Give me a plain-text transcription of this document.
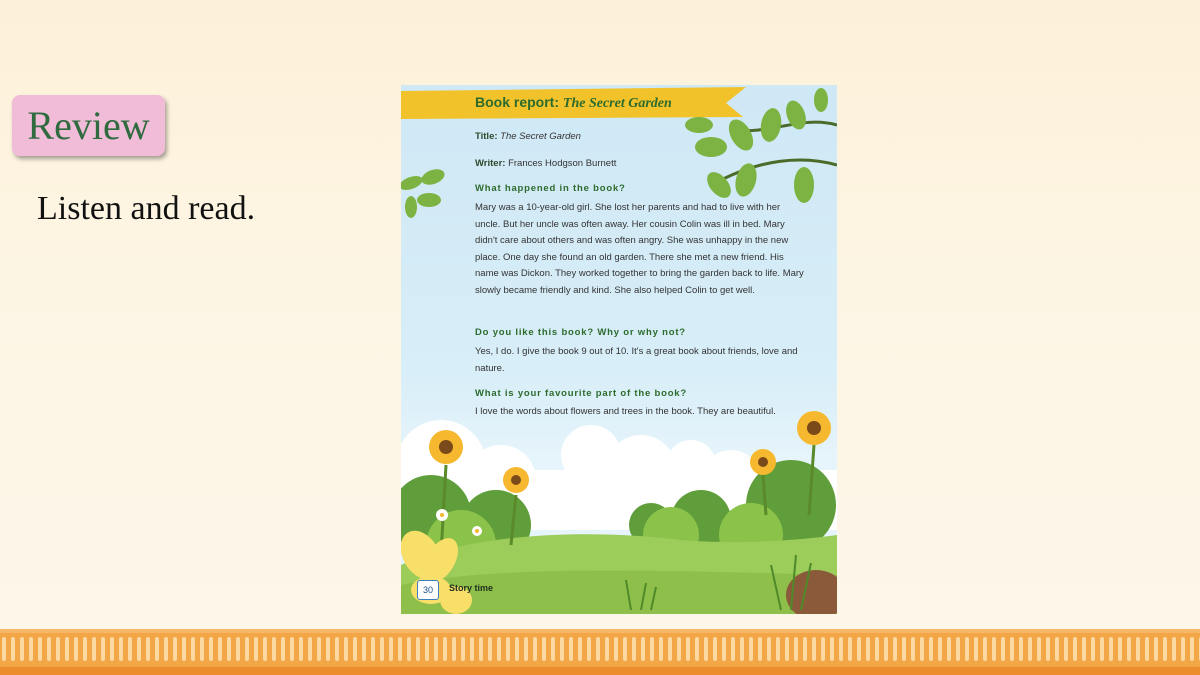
Review
Listen and read.
Book report: The Secret Garden
Title: The Secret Garden
Writer: Frances Hodgson Burnett
What happened in the book?
Mary was a 10-year-old girl. She lost her parents and had to live with her uncle. But her uncle was often away. Her cousin Colin was ill in bed. Mary didn't care about others and was often angry. She was unhappy in the new place. One day she found an old garden. There she met a new friend. His name was Dickon. They worked together to bring the garden back to life. Mary slowly became friendly and kind. She also helped Colin to get well.
Do you like this book? Why or why not?
Yes, I do. I give the book 9 out of 10. It's a great book about friends, love and nature.
What is your favourite part of the book?
I love the words about flowers and trees in the book. They are beautiful.
30	Story time
